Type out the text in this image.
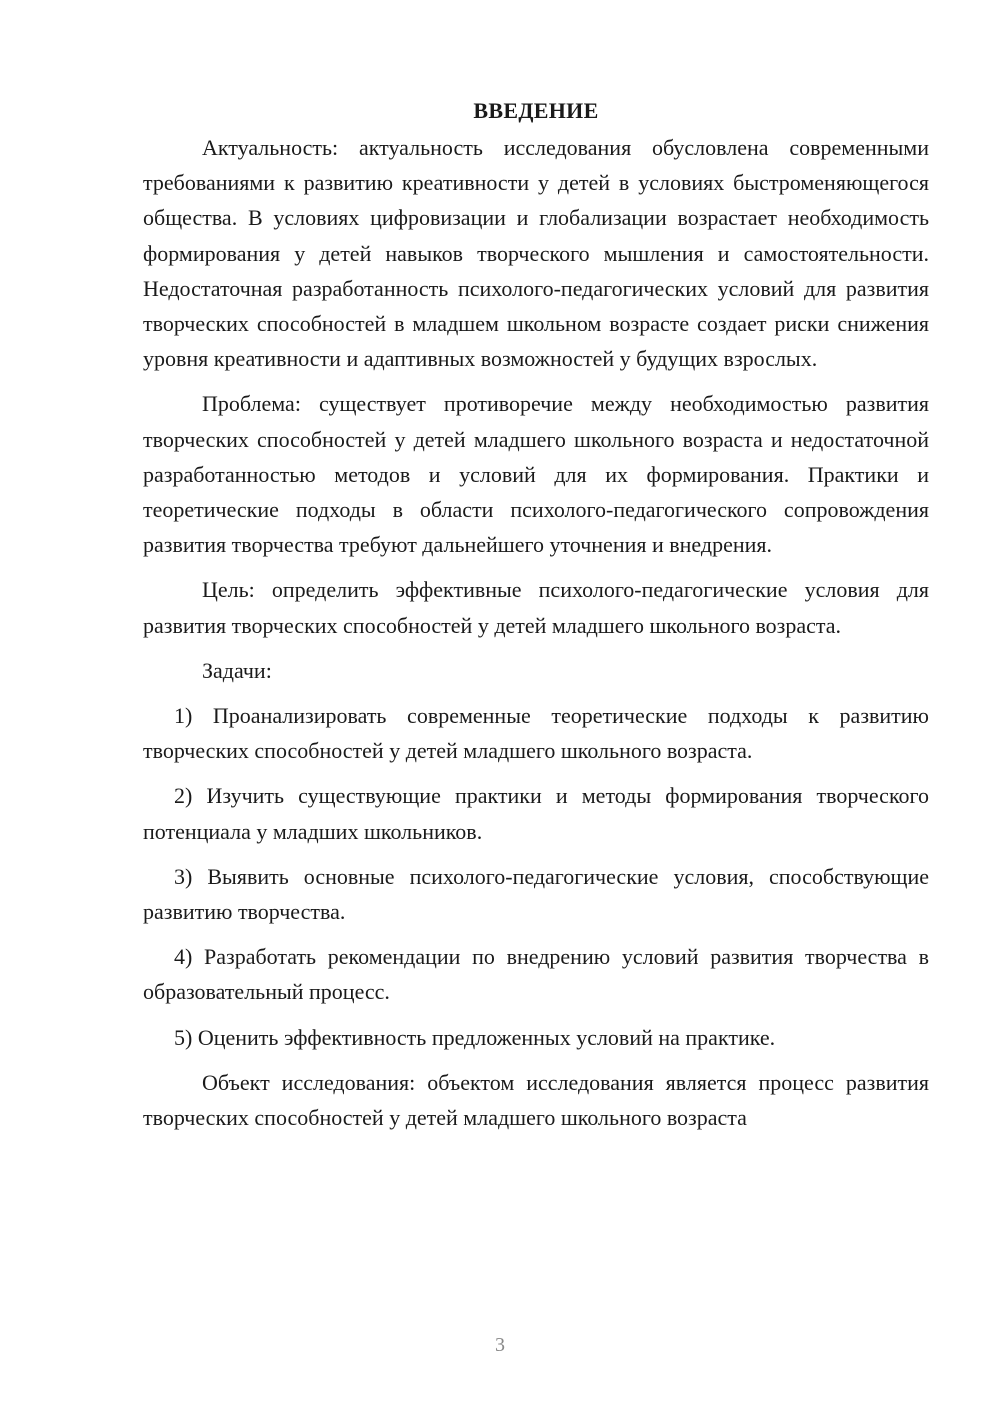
ВВЕДЕНИЕ

Актуальность: актуальность исследования обусловлена современными требованиями к развитию креативности у детей в условиях быстроменяющегося общества. В условиях цифровизации и глобализации возрастает необходимость формирования у детей навыков творческого мышления и самостоятельности. Недостаточная разработанность психолого-педагогических условий для развития творческих способностей в младшем школьном возрасте создает риски снижения уровня креативности и адаптивных возможностей у будущих взрослых.

Проблема: существует противоречие между необходимостью развития творческих способностей у детей младшего школьного возраста и недостаточной разработанностью методов и условий для их формирования. Практики и теоретические подходы в области психолого-педагогического сопровождения развития творчества требуют дальнейшего уточнения и внедрения.

Цель: определить эффективные психолого-педагогические условия для развития творческих способностей у детей младшего школьного возраста.

Задачи:

1) Проанализировать современные теоретические подходы к развитию творческих способностей у детей младшего школьного возраста.

2) Изучить существующие практики и методы формирования творческого потенциала у младших школьников.

3) Выявить основные психолого-педагогические условия, способствующие развитию творчества.

4) Разработать рекомендации по внедрению условий развития творчества в образовательный процесс.

5) Оценить эффективность предложенных условий на практике.

Объект исследования: объектом исследования является процесс развития творческих способностей у детей младшего школьного возраста

3
